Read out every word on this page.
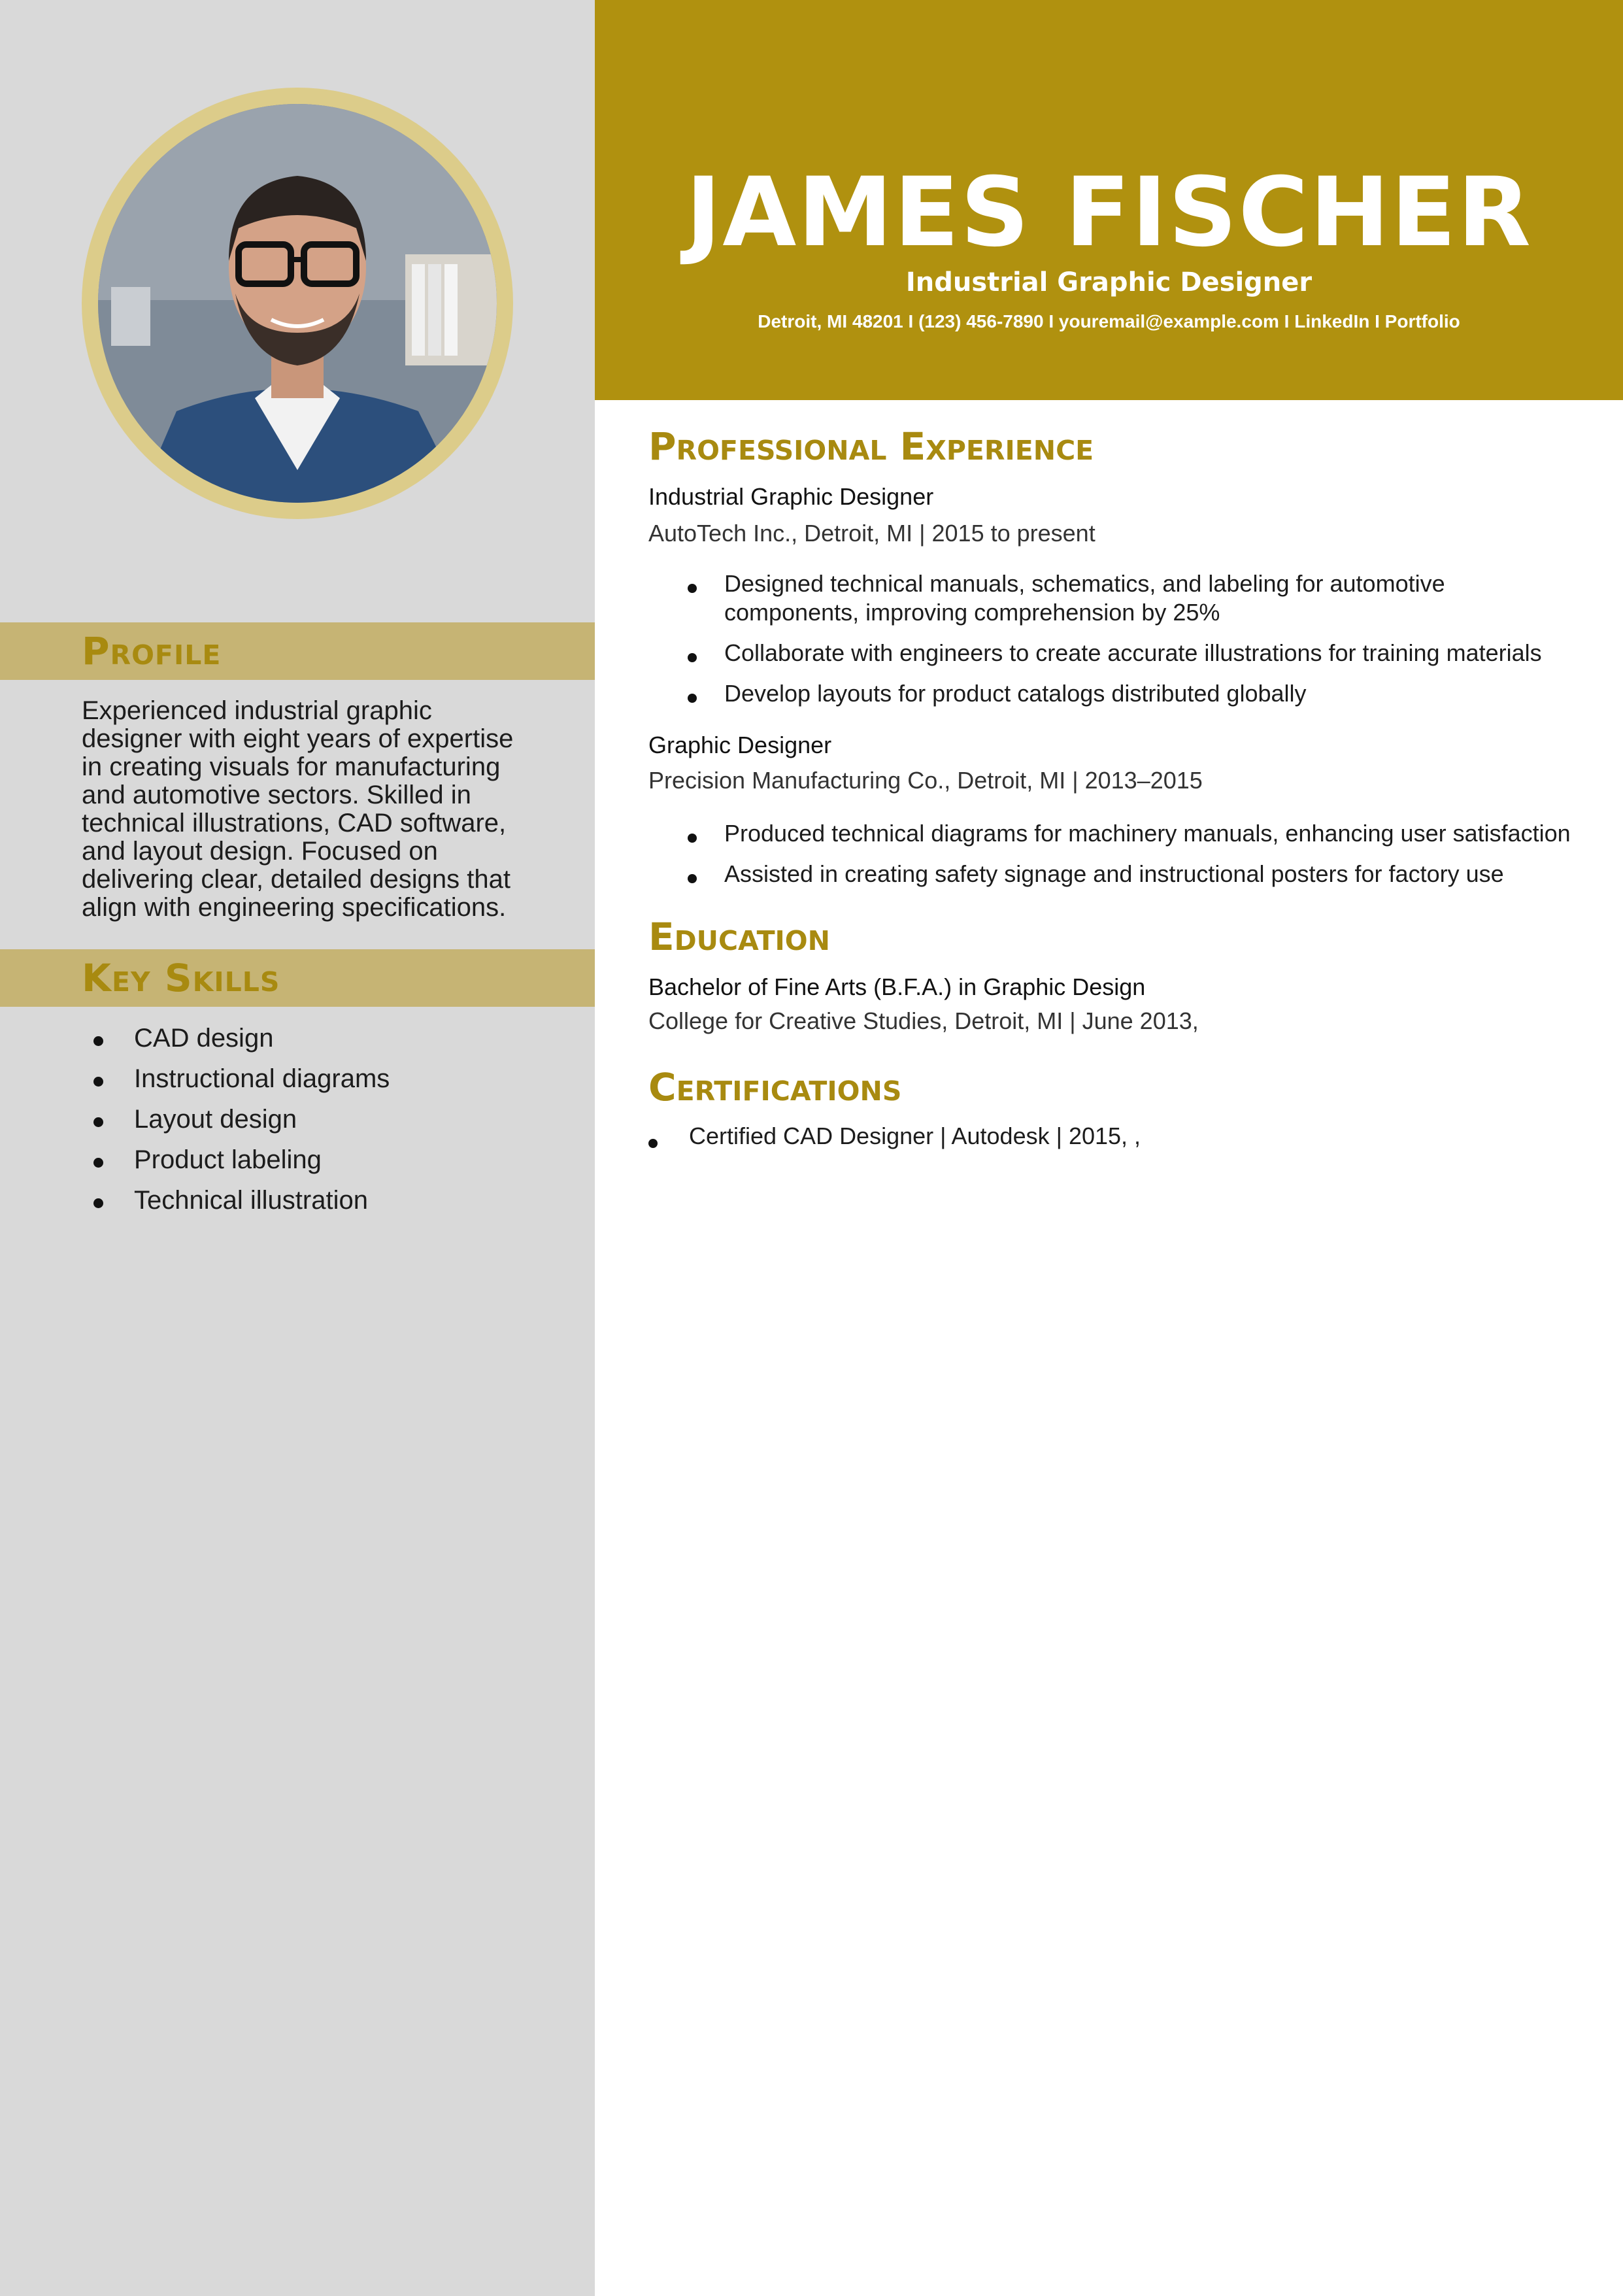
Profile

Experienced industrial graphic designer with eight years of expertise in creating visuals for manufacturing and automotive sectors. Skilled in technical illustrations, CAD software, and layout design. Focused on delivering clear, detailed designs that align with engineering specifications.

Key Skills
CAD design
Instructional diagrams
Layout design
Product labeling
Technical illustration
JAMES FISCHER

Industrial Graphic Designer

Detroit, MI 48201 I (123) 456-7890 I youremail@example.com I LinkedIn I Portfolio

Professional Experience

Industrial Graphic Designer

AutoTech Inc., Detroit, MI | 2015 to present

Designed technical manuals, schematics, and labeling for automotive components, improving comprehension by 25%
Collaborate with engineers to create accurate illustrations for training materials
Develop layouts for product catalogs distributed globally

Graphic Designer

Precision Manufacturing Co., Detroit, MI | 2013–2015

Produced technical diagrams for machinery manuals, enhancing user satisfaction
Assisted in creating safety signage and instructional posters for factory use
Education

Bachelor of Fine Arts (B.F.A.) in Graphic Design

College for Creative Studies, Detroit, MI | June 2013,

Certifications
Certified CAD Designer | Autodesk | 2015, ,
